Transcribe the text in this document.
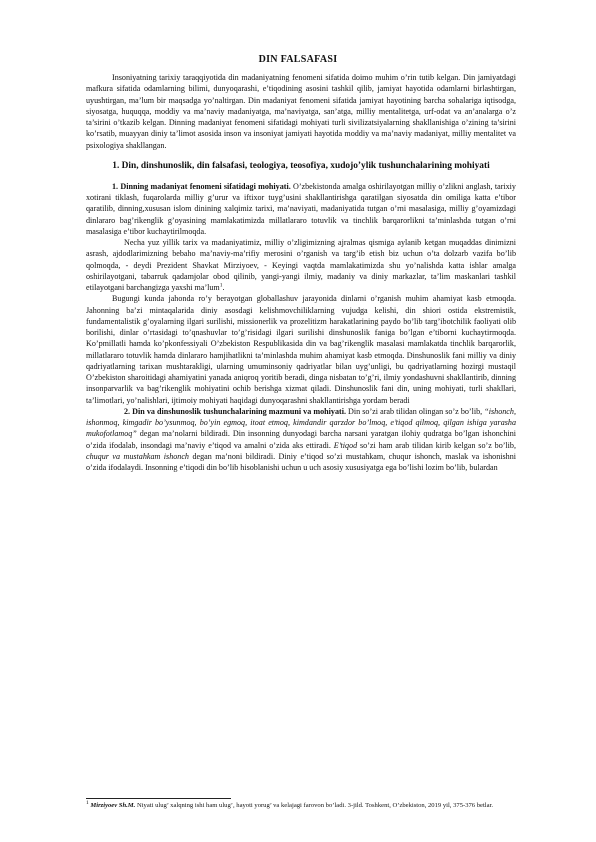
DIN FALSAFASI

Insoniyatning tarixiy taraqqiyotida din madaniyatning fenomeni sifatida doimo muhim o’rin tutib kelgan. Din jamiyatdagi mafkura sifatida odamlarning bilimi, dunyoqarashi, e’tiqodining asosini tashkil qilib, jamiyat hayotida odamlarni birlashtirgan, uyushtirgan, ma’lum bir maqsadga yo’naltirgan. Din madaniyat fenomeni sifatida jamiyat hayotining barcha sohalariga iqtisodga, siyosatga, huquqqa, moddiy va ma’naviy madaniyatga, ma’naviyatga, san’atga, milliy mentalitetga, urf-odat va an’analarga o’z ta’sirini o’tkazib kelgan. Dinning madaniyat fenomeni sifatidagi mohiyati turli sivilizatsiyalarning shakllanishiga o’zining ta’sirini ko’rsatib, muayyan diniy ta’limot asosida inson va insoniyat jamiyati hayotida moddiy va ma’naviy madaniyat, milliy mentalitet va psixologiya shakllangan.

1. Din, dinshunoslik, din falsafasi, teologiya, teosofiya, xudojo’ylik tushunchalarining mohiyati

1. Dinning madaniyat fenomeni sifatidagi mohiyati. O’zbekistonda amalga oshirilayotgan milliy o’zlikni anglash, tarixiy xotirani tiklash, fuqarolarda milliy g’urur va iftixor tuyg’usini shakllantirishga qaratilgan siyosatda din omiliga katta e’tibor qaratilib, dinning,xususan islom dinining xalqimiz tarixi, ma’naviyati, madaniyatida tutgan o’rni masalasiga, milliy g’oyamizdagi dinlararo bag’rikenglik g’oyasining mamlakatimizda millatlararo totuvlik va tinchlik barqarorlikni ta’minlashda tutgan o’rni masalasiga e’tibor kuchaytirilmoqda.

Necha yuz yillik tarix va madaniyatimiz, milliy o’zligimizning ajralmas qismiga aylanib ketgan muqaddas dinimizni asrash, ajdodlarimizning bebaho ma’naviy-ma’rifiy merosini o’rganish va targ’ib etish biz uchun o’ta dolzarb vazifa bo’lib qolmoqda, - deydi Prezident Shavkat Mirziyoev, - Keyingi vaqtda mamlakatimizda shu yo’nalishda katta ishlar amalga oshirilayotgani, tabarruk qadamjolar obod qilinib, yangi-yangi ilmiy, madaniy va diniy markazlar, ta’lim maskanlari tashkil etilayotgani barchangizga yaxshi ma’lum$^1$.

Bugungi kunda jahonda ro’y berayotgan globallashuv jarayonida dinlarni o’rganish muhim ahamiyat kasb etmoqda. Jahonning ba’zi mintaqalarida diniy asosdagi kelishmovchiliklarning vujudga kelishi, din shiori ostida ekstremistik, fundamentalistik g’oyalarning ilgari surilishi, missionerlik va prozelitizm harakatlarining paydo bo’lib targ’ibotchilik faoliyati olib borilishi, dinlar o’rtasidagi to’qnashuvlar to’g’risidagi ilgari surilishi dinshunoslik faniga bo’lgan e’tiborni kuchaytirmoqda. Ko’pmillatli hamda ko’pkonfessiyali O’zbekiston Respublikasida din va bag’rikenglik masalasi mamlakatda tinchlik barqarorlik, millatlararo totuvlik hamda dinlararo hamjihatlikni ta’minlashda muhim ahamiyat kasb etmoqda. Dinshunoslik fani milliy va diniy qadriyatlarning tarixan mushtarakligi, ularning umuminsoniy qadriyatlar bilan uyg’unligi, bu qadriyatlarning hozirgi mustaqil O’zbekiston sharoitidagi ahamiyatini yanada aniqroq yoritib beradi, dinga nisbatan to’g’ri, ilmiy yondashuvni shakllantirib, dinning insonparvarlik va bag’rikenglik mohiyatini ochib berishga xizmat qiladi. Dinshunoslik fani din, uning mohiyati, turli shakllari, ta’limotlari, yo’nalishlari, ijtimoiy mohiyati haqidagi dunyoqarashni shakllantirishga yordam beradi

2. Din va dinshunoslik tushunchalarining mazmuni va mohiyati. Din so’zi arab tilidan olingan so’z bo’lib, “ishonch, ishonmoq, kimgadir bo’ysunmoq, bo’yin egmoq, itoat etmoq, kimdandir qarzdor bo’lmoq, e’tiqod qilmoq, qilgan ishiga yarasha mukofotlamoq” degan ma’nolarni bildiradi. Din insonning dunyodagi barcha narsani yaratgan ilohiy qudratga bo’lgan ishonchini o’zida ifodalab, insondagi ma’naviy e’tiqod va amalni o’zida aks ettiradi. E’tiqod so’zi ham arab tilidan kirib kelgan so’z bo’lib, chuqur va mustahkam ishonch degan ma’noni bildiradi. Diniy e’tiqod so’zi mustahkam, chuqur ishonch, maslak va ishonishni o’zida ifodalaydi. Insonning e’tiqodi din bo’lib hisoblanishi uchun u uch asosiy xususiyatga ega bo’lishi lozim bo’lib, bulardan

$^1$ Mirziyoev Sh.M. Niyati ulug’ xalqning ishi ham ulug’, hayoti yorug’ va kelajagi farovon bo’ladi. 3-jild. Toshkent, O’zbekiston, 2019 yil, 375-376 betlar.
